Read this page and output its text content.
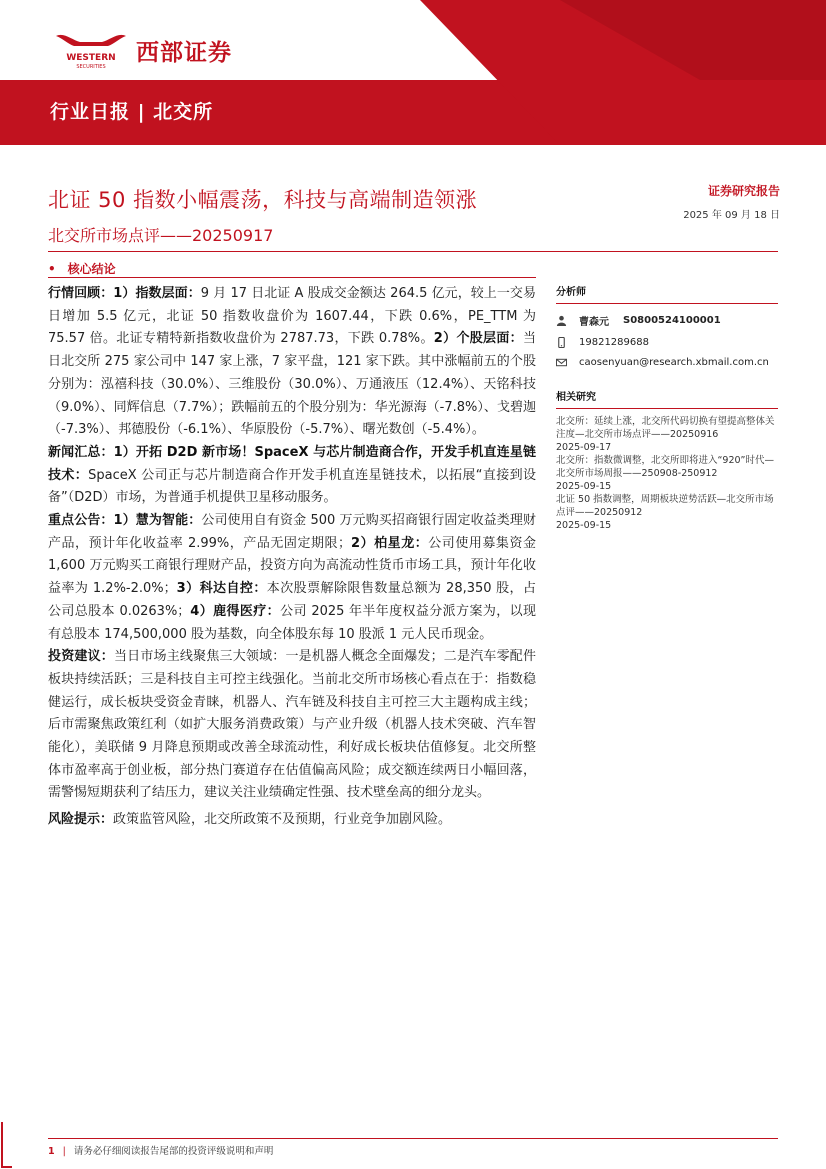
WESTERN
SECURITIES
西部证券
行业日报 | 北交所
北证 50 指数小幅震荡，科技与高端制造领涨
北交所市场点评——20250917
证券研究报告
2025 年 09 月 18 日
• 核心结论

行情回顾：1）指数层面：9 月 17 日北证 A 股成交金额达 264.5 亿元，较上一交易日增加 5.5 亿元，北证 50 指数收盘价为 1607.44，下跌 0.6%，PE_TTM 为 75.57 倍。北证专精特新指数收盘价为 2787.73，下跌 0.78%。2）个股层面：当日北交所 275 家公司中 147 家上涨，7 家平盘，121 家下跌。其中涨幅前五的个股分别为：泓禧科技（30.0%）、三维股份（30.0%）、万通液压（12.4%）、天铭科技（9.0%）、同辉信息（7.7%）；跌幅前五的个股分别为：华光源海（-7.8%）、戈碧迦（-7.3%）、邦德股份（-6.1%）、华原股份（-5.7%）、曙光数创（-5.4%）。

新闻汇总：1）开拓 D2D 新市场！SpaceX 与芯片制造商合作，开发手机直连星链技术：SpaceX 公司正与芯片制造商合作开发手机直连星链技术，以拓展“直接到设备”（D2D）市场，为普通手机提供卫星移动服务。

重点公告：1）慧为智能：公司使用自有资金 500 万元购买招商银行固定收益类理财产品，预计年化收益率 2.99%，产品无固定期限；2）柏星龙：公司使用募集资金 1,600 万元购买工商银行理财产品，投资方向为高流动性货币市场工具，预计年化收益率为 1.2%-2.0%；3）科达自控：本次股票解除限售数量总额为 28,350 股，占公司总股本 0.0263%；4）鹿得医疗：公司 2025 年半年度权益分派方案为，以现有总股本 174,500,000 股为基数，向全体股东每 10 股派 1 元人民币现金。

投资建议：当日市场主线聚焦三大领域：一是机器人概念全面爆发；二是汽车零配件板块持续活跃；三是科技自主可控主线强化。当前北交所市场核心看点在于：指数稳健运行，成长板块受资金青睐，机器人、汽车链及科技自主可控三大主题构成主线；后市需聚焦政策红利（如扩大服务消费政策）与产业升级（机器人技术突破、汽车智能化），美联储 9 月降息预期或改善全球流动性，利好成长板块估值修复。北交所整体市盈率高于创业板，部分热门赛道存在估值偏高风险；成交额连续两日小幅回落，需警惕短期获利了结压力，建议关注业绩确定性强、技术壁垒高的细分龙头。

风险提示：政策监管风险，北交所政策不及预期，行业竞争加剧风险。

分析师
曹森元 S0800524100001
19821289688
caosenyuan@research.xbmail.com.cn
相关研究
北交所：延续上涨，北交所代码切换有望提高整体关注度—北交所市场点评——20250916
2025-09-17
北交所：指数微调整，北交所即将进入“920”时代—北交所市场周报——250908-250912
2025-09-15
北证 50 指数调整，周期板块逆势活跃—北交所市场点评——20250912
2025-09-15
1 | 请务必仔细阅读报告尾部的投资评级说明和声明
